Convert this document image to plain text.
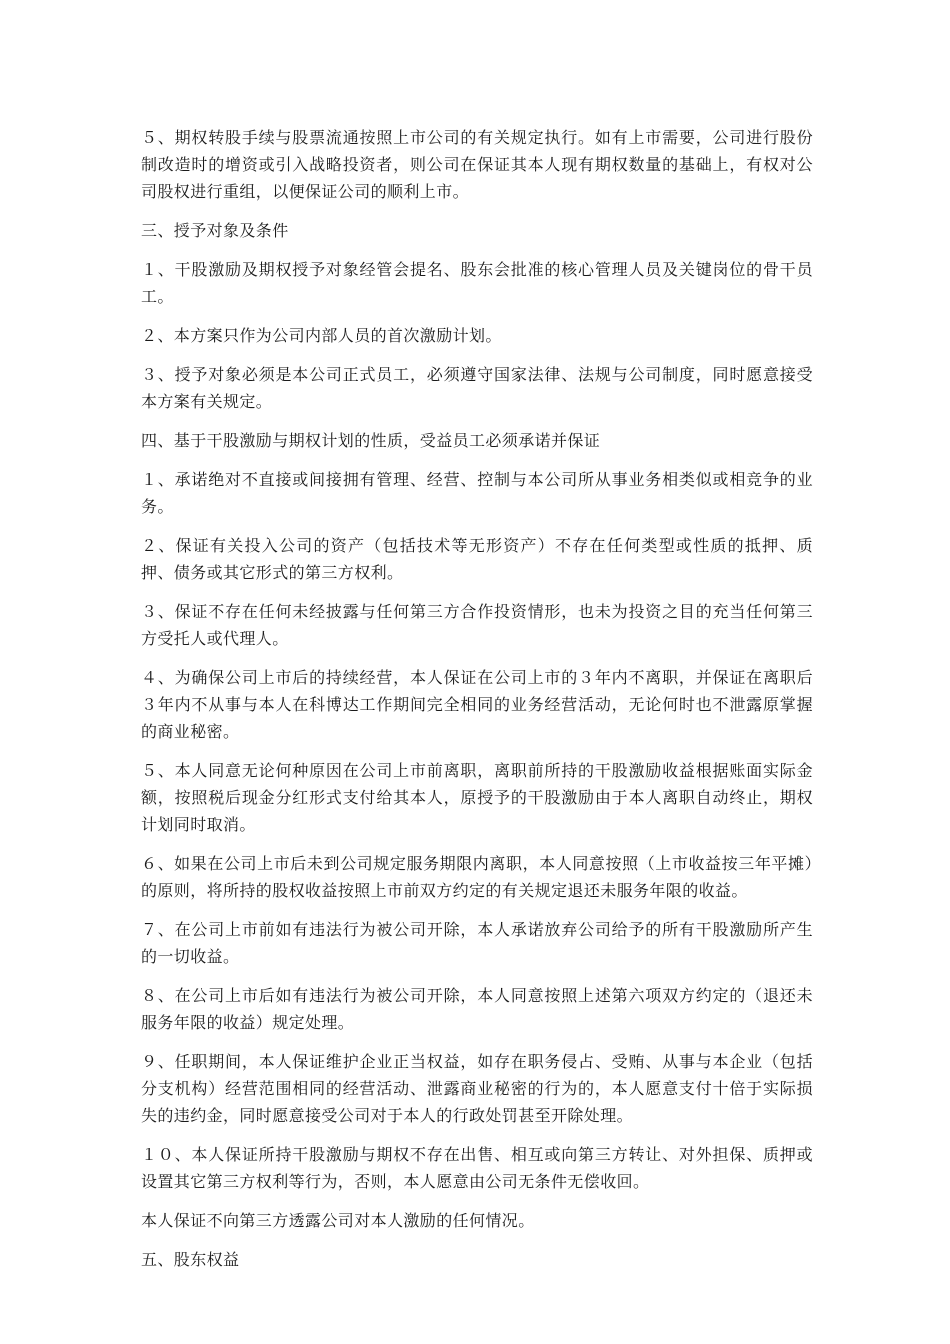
５、期权转股手续与股票流通按照上市公司的有关规定执行。如有上市需要，公司进行股份制改造时的增资或引入战略投资者，则公司在保证其本人现有期权数量的基础上，有权对公司股权进行重组，以便保证公司的顺利上市。

三、授予对象及条件

１、干股激励及期权授予对象经管会提名、股东会批准的核心管理人员及关键岗位的骨干员工。

２、本方案只作为公司内部人员的首次激励计划。

３、授予对象必须是本公司正式员工，必须遵守国家法律、法规与公司制度，同时愿意接受本方案有关规定。

四、基于干股激励与期权计划的性质，受益员工必须承诺并保证

１、承诺绝对不直接或间接拥有管理、经营、控制与本公司所从事业务相类似或相竞争的业务。

２、保证有关投入公司的资产（包括技术等无形资产）不存在任何类型或性质的抵押、质押、债务或其它形式的第三方权利。

３、保证不存在任何未经披露与任何第三方合作投资情形，也未为投资之目的充当任何第三方受托人或代理人。

４、为确保公司上市后的持续经营，本人保证在公司上市的３年内不离职，并保证在离职后３年内不从事与本人在科博达工作期间完全相同的业务经营活动，无论何时也不泄露原掌握的商业秘密。

５、本人同意无论何种原因在公司上市前离职，离职前所持的干股激励收益根据账面实际金额，按照税后现金分红形式支付给其本人，原授予的干股激励由于本人离职自动终止，期权计划同时取消。

６、如果在公司上市后未到公司规定服务期限内离职，本人同意按照（上市收益按三年平摊）的原则，将所持的股权收益按照上市前双方约定的有关规定退还未服务年限的收益。

７、在公司上市前如有违法行为被公司开除，本人承诺放弃公司给予的所有干股激励所产生的一切收益。

８、在公司上市后如有违法行为被公司开除，本人同意按照上述第六项双方约定的（退还未服务年限的收益）规定处理。

９、任职期间，本人保证维护企业正当权益，如存在职务侵占、受贿、从事与本企业（包括分支机构）经营范围相同的经营活动、泄露商业秘密的行为的，本人愿意支付十倍于实际损失的违约金，同时愿意接受公司对于本人的行政处罚甚至开除处理。

１０、本人保证所持干股激励与期权不存在出售、相互或向第三方转让、对外担保、质押或设置其它第三方权利等行为，否则，本人愿意由公司无条件无偿收回。

本人保证不向第三方透露公司对本人激励的任何情况。

五、股东权益
